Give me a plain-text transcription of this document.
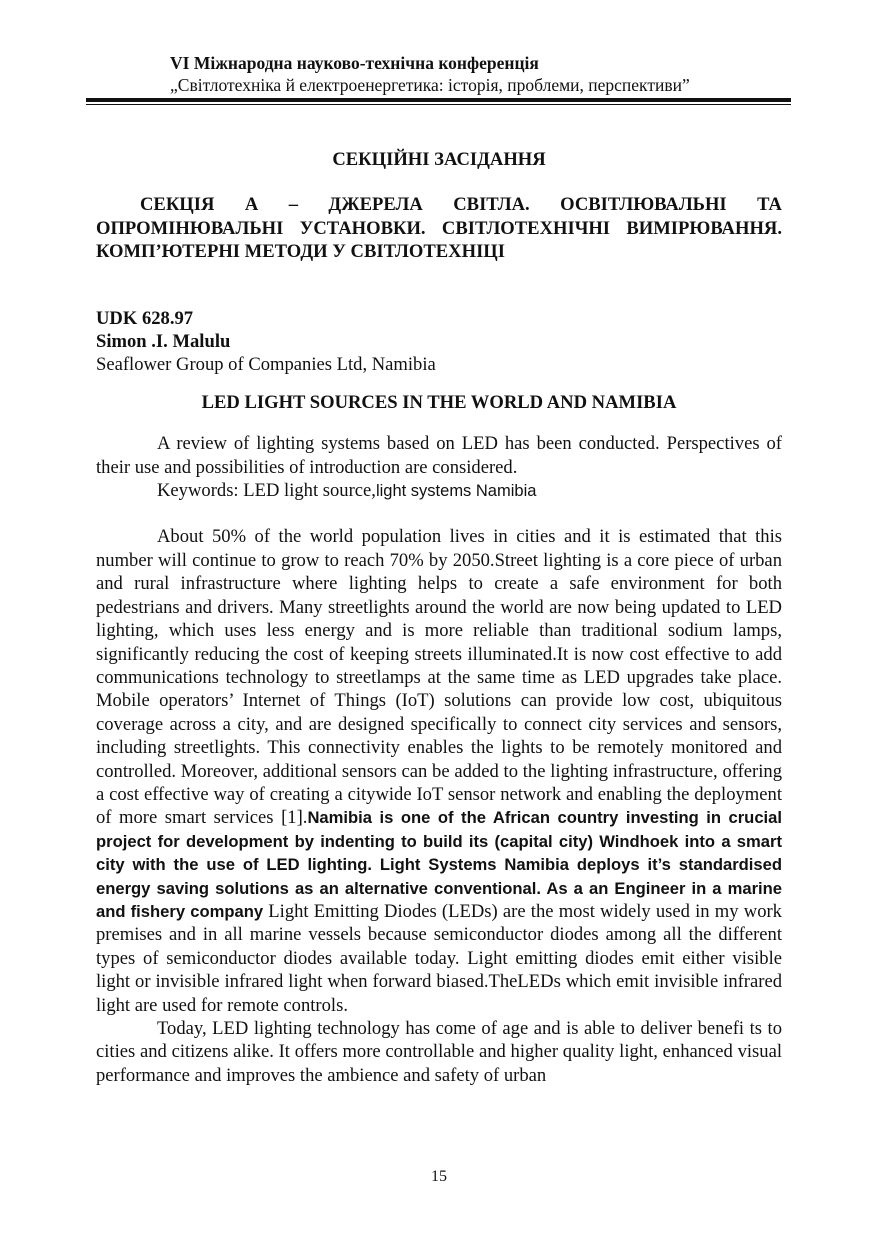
VI Міжнародна науково-технічна конференція
„Світлотехніка й електроенергетика: історія, проблеми, перспективи”
СЕКЦІЙНІ ЗАСІДАННЯ
СЕКЦІЯ А – ДЖЕРЕЛА СВІТЛА. ОСВІТЛЮВАЛЬНІ ТА
ОПРОМІНЮВАЛЬНІ УСТАНОВКИ. СВІТЛОТЕХНІЧНІ ВИМІРЮВАННЯ. КОМП’ЮТЕРНІ МЕТОДИ У СВІТЛОТЕХНІЦІ
UDK 628.97
Simon .I. Malulu
Seaflower Group of Companies Ltd, Namibia
LED LIGHT SOURCES IN THE WORLD AND NAMIBIA

A review of lighting systems based on LED has been conducted. Perspectives of their use and possibilities of introduction are considered.

Keywords: LED light source,light systems Namibia

About 50% of the world population lives in cities and it is estimated that this number will continue to grow to reach 70% by 2050.Street lighting is a core piece of urban and rural infrastructure where lighting helps to create a safe environment for both pedestrians and drivers. Many streetlights around the world are now being updated to LED lighting, which uses less energy and is more reliable than traditional sodium lamps, significantly reducing the cost of keeping streets illuminated.It is now cost effective to add communications technology to streetlamps at the same time as LED upgrades take place. Mobile operators’ Internet of Things (IoT) solutions can provide low cost, ubiquitous coverage across a city, and are designed specifically to connect city services and sensors, including streetlights. This connectivity enables the lights to be remotely monitored and controlled. Moreover, additional sensors can be added to the lighting infrastructure, offering a cost effective way of creating a citywide IoT sensor network and enabling the deployment of more smart services [1].Namibia is one of the African country investing in crucial project for development by indenting to build its (capital city) Windhoek into a smart city with the use of LED lighting. Light Systems Namibia deploys it’s standardised energy saving solutions as an alternative conventional. As a an Engineer in a marine and fishery company Light Emitting Diodes (LEDs) are the most widely used in my work premises and in all marine vessels because semiconductor diodes among all the different types of semiconductor diodes available today. Light emitting diodes emit either visible light or invisible infrared light when forward biased.TheLEDs which emit invisible infrared light are used for remote controls.

Today, LED lighting technology has come of age and is able to deliver benefi ts to cities and citizens alike. It offers more controllable and higher quality light, enhanced visual performance and improves the ambience and safety of urban

15
